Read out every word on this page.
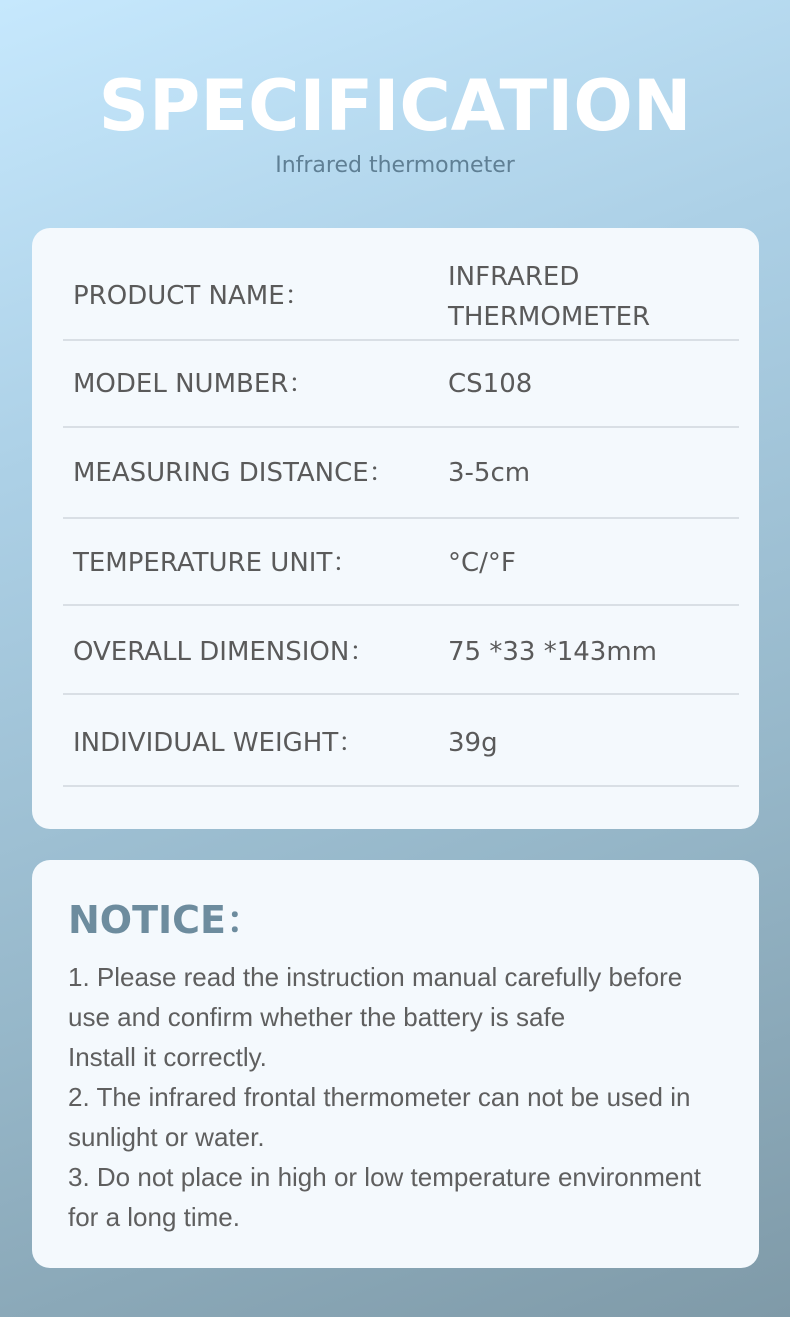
SPECIFICATION
Infrared thermometer
PRODUCT NAME：
INFRARED
THERMOMETER
MODEL NUMBER：	CS108
MEASURING DISTANCE： 3-5cm
TEMPERATURE UNIT：	°C/°F
OVERALL DIMENSION：	75 *33 *143mm
INDIVIDUAL WEIGHT：	39g
NOTICE：
1. Please read the instruction manual carefully before
use and confirm whether the battery is safe
Install it correctly.
2. The infrared frontal thermometer can not be used in
sunlight or water.
3. Do not place in high or low temperature environment
for a long time.
